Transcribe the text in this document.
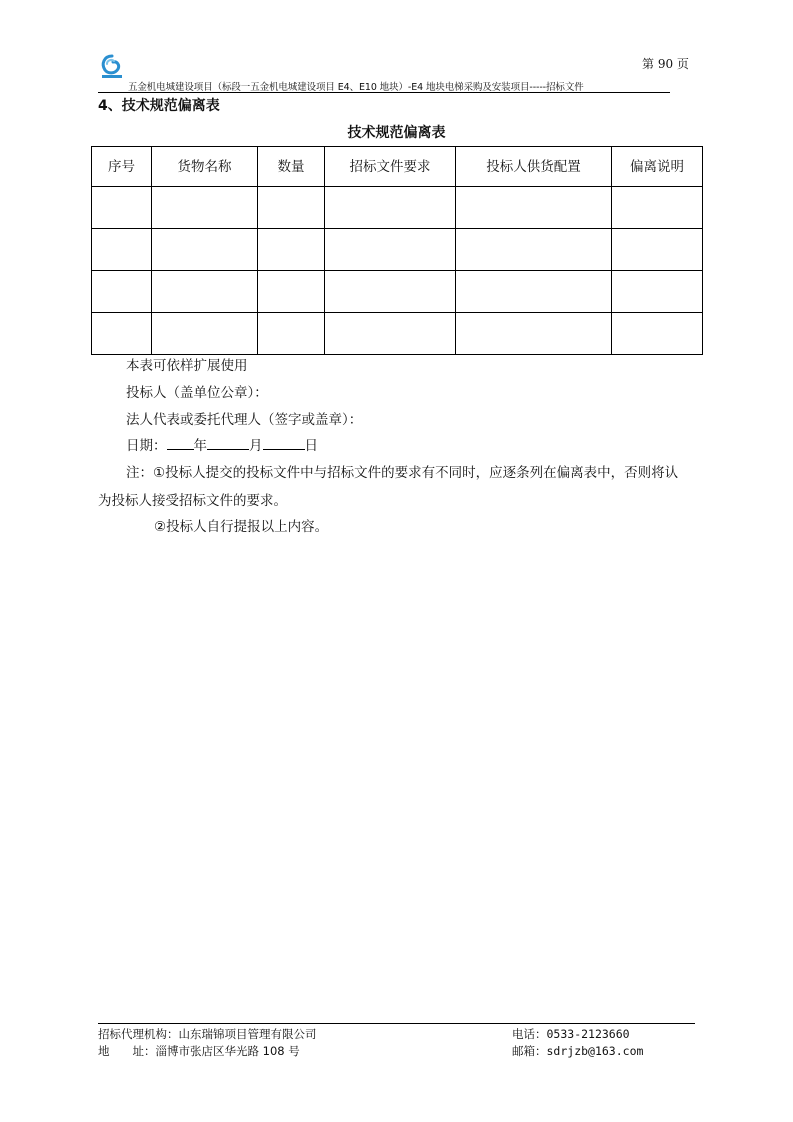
第 90 页
五金机电城建设项目（标段一五金机电城建设项目 E4、E10 地块）-E4 地块电梯采购及安装项目-----招标文件
4、技术规范偏离表
技术规范偏离表
序号	货物名称	数量	招标文件要求	投标人供货配置	偏离说明

本表可依样扩展使用
投标人（盖单位公章）：
法人代表或委托代理人（签字或盖章）：
日期： 年	月	日
注：①投标人提交的投标文件中与招标文件的要求有不同时，应逐条列在偏离表中，否则将认
为投标人接受招标文件的要求。
②投标人自行提报以上内容。
招标代理机构：山东瑞锦项目管理有限公司	电话：0533-2123660
地　　址：淄博市张店区华光路 108 号	邮箱：sdrjzb@163.com
